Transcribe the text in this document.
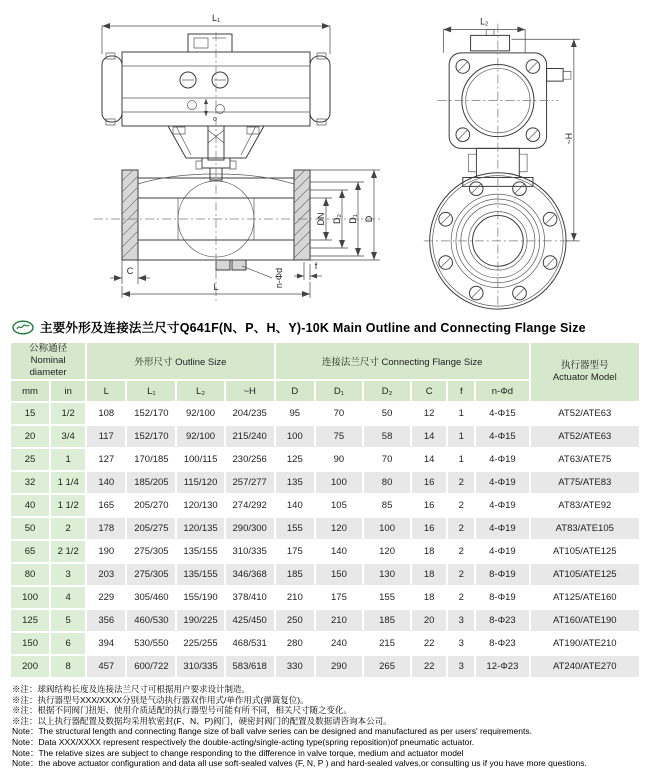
L₁
DN D₂ D₁ D
C	f
n-Φd
L
L₂
~H
主要外形及连接法兰尺寸Q641F(N、P、H、Y)-10K Main Outline and Connecting Flange Size
公称通径
Nominal diameter		外形尺寸 Outline Size				连接法兰尺寸 Connecting Flange Size						执行器型号
Actuator Model

mm	in	L	L₁	L₂	~H	D	D₁	D₂	C	f	n-Φd	
15	1/2	108	152/170	92/100	204/235	95	70	50	12	1	4-Φ15	AT52/ATE63
20	3/4	117	152/170	92/100	215/240	100	75	58	14	1	4-Φ15	AT52/ATE63
25	1	127	170/185	100/115	230/256	125	90	70	14	1	4-Φ19	AT63/ATE75
32	1 1/4	140	185/205	115/120	257/277	135	100	80	16	2	4-Φ19	AT75/ATE83
40	1 1/2	165	205/270	120/130	274/292	140	105	85	16	2	4-Φ19	AT83/ATE92
50	2	178	205/275	120/135	290/300	155	120	100	16	2	4-Φ19	AT83/ATE105
65	2 1/2	190	275/305	135/155	310/335	175	140	120	18	2	4-Φ19	AT105/ATE125
80	3	203	275/305	135/155	346/368	185	150	130	18	2	8-Φ19	AT105/ATE125
100	4	229	305/460	155/190	378/410	210	175	155	18	2	8-Φ19	AT125/ATE160
125	5	356	460/530	190/225	425/450	250	210	185	20	3	8-Φ23	AT160/ATE190
150	6	394	530/550	225/255	468/531	280	240	215	22	3	8-Φ23	AT190/ATE210
200	8	457	600/722	310/335	583/618	330	290	265	22	3	12-Φ23	AT240/ATE270
※注：球阀结构长度及连接法兰尺寸可根据用户要求设计制造。
※注：执行器型号XXX/XXXX分别是气动执行器双作用式/单作用式(弹簧复位)。
※注：根据不同阀门扭矩、使用介质适配的执行器型号可能有所不同，相关尺寸随之变化。
※注：以上执行器配置及数据均采用软密封(F、N、P)阀门，硬密封阀门的配置及数据请咨询本公司。
Note：The structural length and connecting flange size of ball valve series can be designed and manufactured as per users' requirements.
Note：Data XXX/XXXX represent respectively the double-acting/single-acting type(spring reposition)of pneumatic actuator.
Note：The relative sizes are subject to change responding to the difference in valve torque, medium and actuator model
Note：the above actuator configuration and data all use soft-sealed valves (F, N, P ) and hard-sealed valves,or consulting us if you have more questions.
